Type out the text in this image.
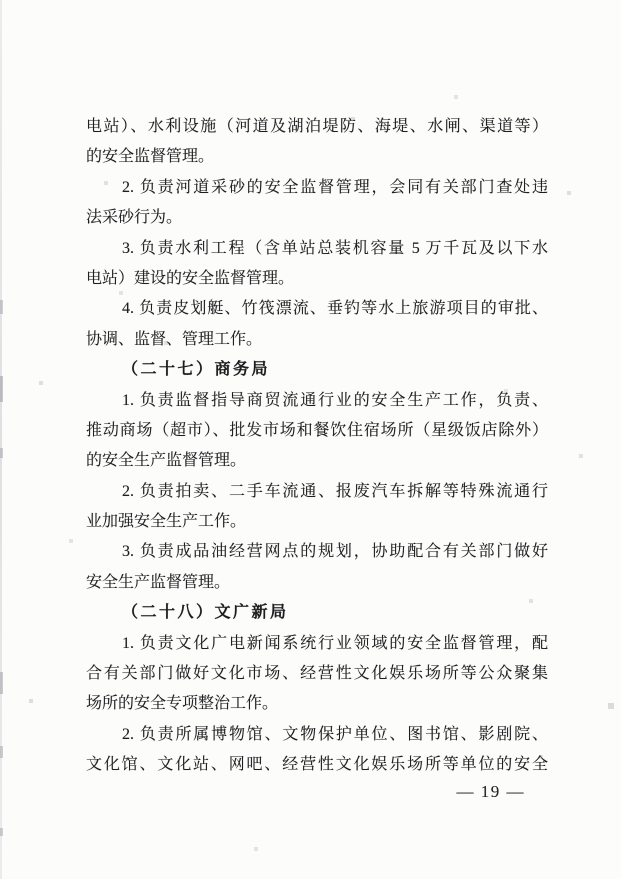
电站）、水利设施（河道及湖泊堤防、海堤、水闸、渠道等）
的安全监督管理。
2. 负责河道采砂的安全监督管理，会同有关部门查处违
法采砂行为。
3. 负责水利工程（含单站总装机容量 5 万千瓦及以下水
电站）建设的安全监督管理。
4. 负责皮划艇、竹筏漂流、垂钓等水上旅游项目的审批、
协调、监督、管理工作。
（二十七）商务局
1. 负责监督指导商贸流通行业的安全生产工作，负责、
推动商场（超市）、批发市场和餐饮住宿场所（星级饭店除外）
的安全生产监督管理。
2. 负责拍卖、二手车流通、报废汽车拆解等特殊流通行
业加强安全生产工作。
3. 负责成品油经营网点的规划，协助配合有关部门做好
安全生产监督管理。
（二十八）文广新局
1. 负责文化广电新闻系统行业领域的安全监督管理，配
合有关部门做好文化市场、经营性文化娱乐场所等公众聚集
场所的安全专项整治工作。
2. 负责所属博物馆、文物保护单位、图书馆、影剧院、
文化馆、文化站、网吧、经营性文化娱乐场所等单位的安全
— 19 —
